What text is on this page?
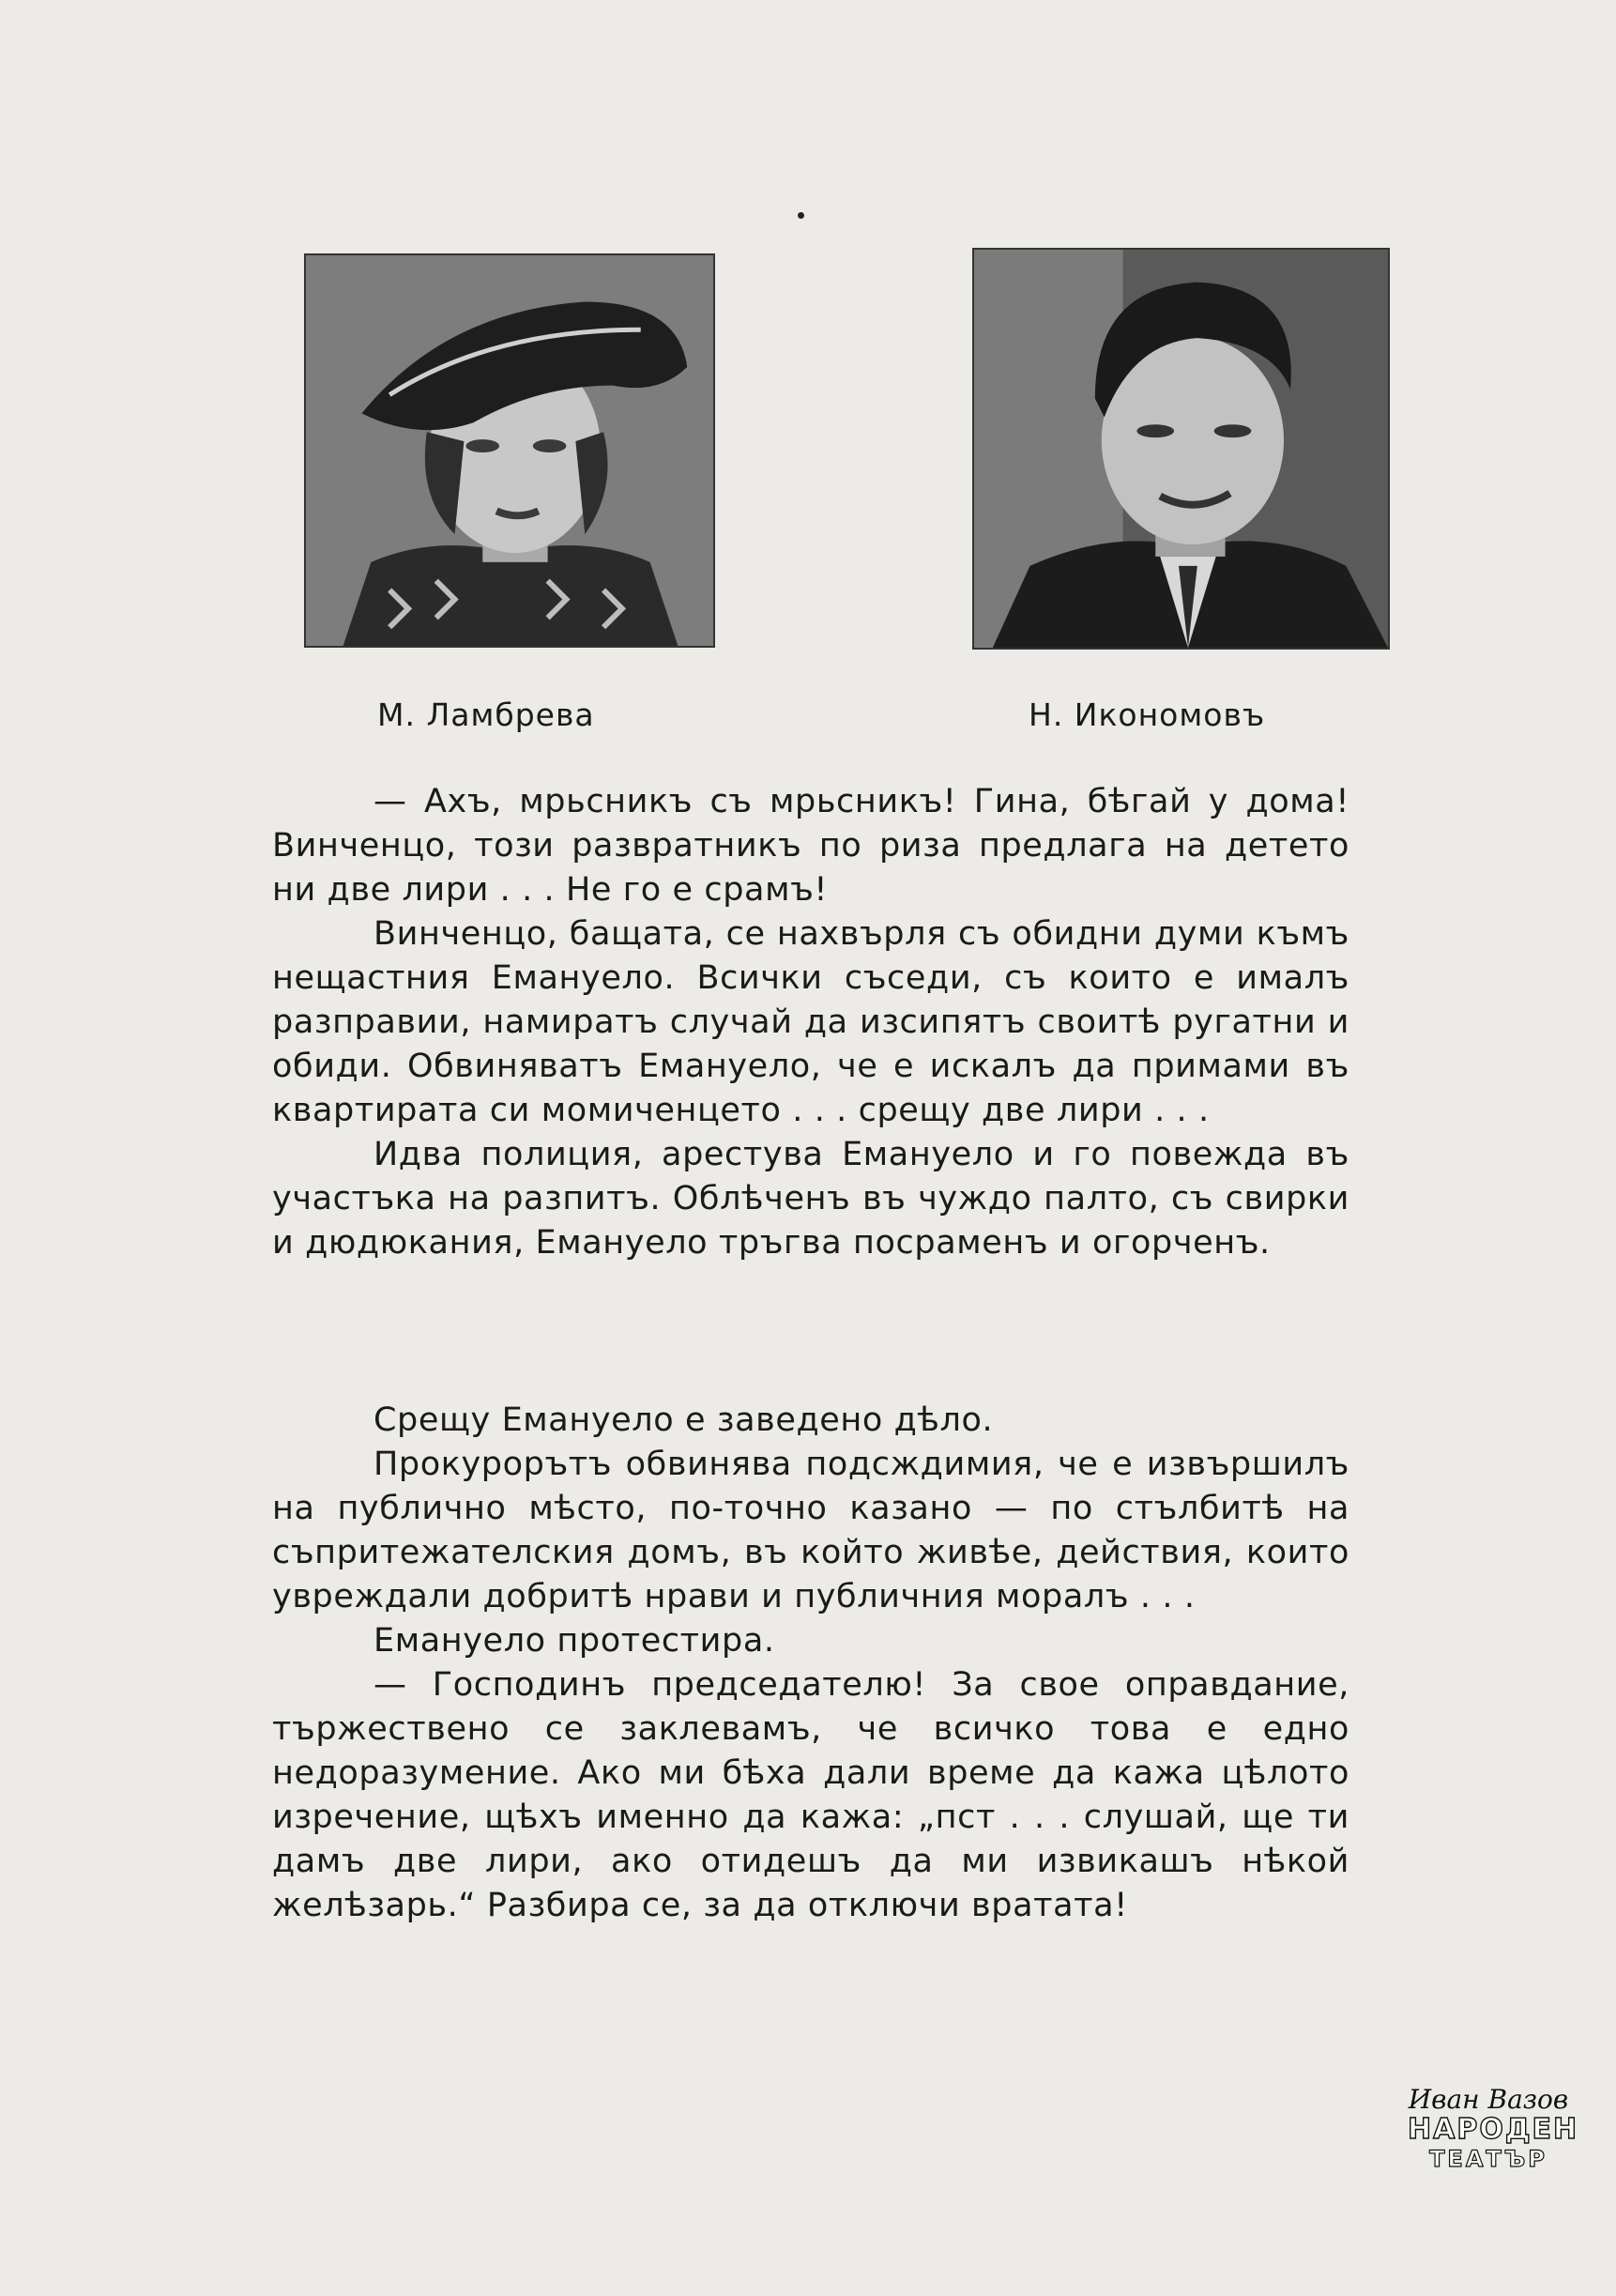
М. Ламбрева	Н. Икономовъ

— Ахъ, мрьсникъ съ мрьсникъ! Гина, бѣгай у дома! Винченцо, този развратникъ по риза предлага на детето ни две лири . . . Не го е срамъ!

Винченцо, бащата, се нахвърля съ обидни думи къмъ нещастния Емануело. Всички съседи, съ които е ималъ разправии, намиратъ случай да изсипятъ своитѣ ругатни и обиди. Обвиняватъ Емануело, че е искалъ да примами въ квартирата си момиченцето . . . срещу две лири . . .

Идва полиция, арестува Емануело и го повежда въ участъка на разпитъ. Облѣченъ въ чуждо палто, съ свирки и дюдюкания, Емануело тръгва посраменъ и огорченъ.

Срещу Емануело е заведено дѣло.

Прокурорътъ обвинява подсждимия, че е извършилъ на публично мѣсто, по-точно казано — по стълбитѣ на съпритежателския домъ, въ който живѣе, действия, които увреждали добритѣ нрави и публичния моралъ . . .

Емануело протестира.

— Господинъ председателю! За свое оправдание, тържествено се заклевамъ, че всичко това е едно недоразумение. Ако ми бѣха дали време да кажа цѣлото изречение, щѣхъ именно да кажа: „пст . . . слушай, ще ти дамъ две лири, ако отидешъ да ми извикашъ нѣкой желѣзарь.“ Разбира се, за да отключи вратата!

Иван Вазов
НАРОДЕН
ТЕАТЪР
